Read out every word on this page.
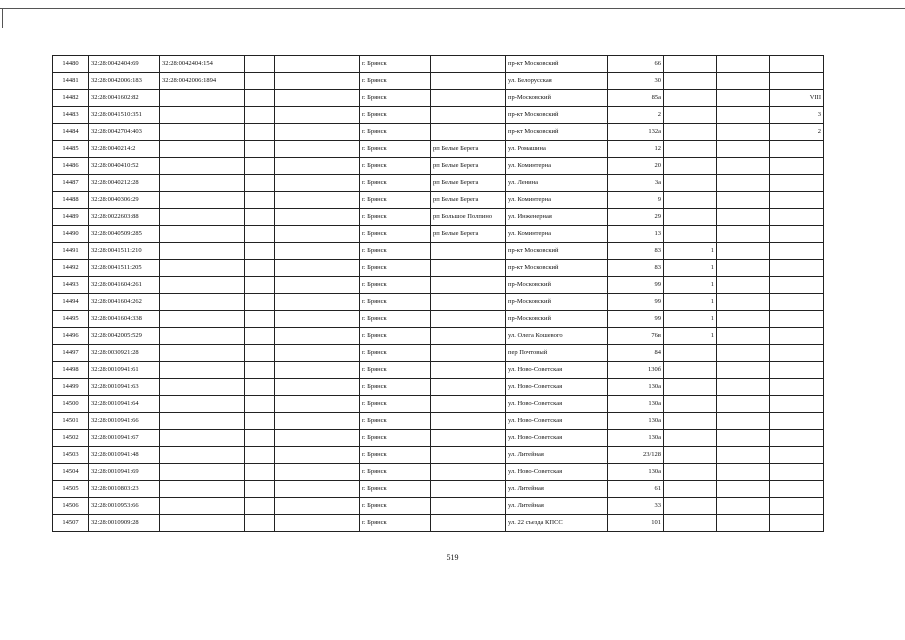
14480	32:28:0042404:69	32:28:0042404:154			г. Брянск		пр-кт Московский	66			
14481	32:28:0042006:183	32:28:0042006:1894			г. Брянск		ул. Белорусская	30			
14482	32:28:0041602:82				г. Брянск		пр-Московский	85а			VIII
14483	32:28:0041510:351				г. Брянск		пр-кт Московский	2			3
14484	32:28:0042704:403				г. Брянск		пр-кт Московский	132а			2
14485	32:28:0040214:2				г. Брянск	рп Белые Берега	ул. Ромашина	12			
14486	32:28:0040410:52				г. Брянск	рп Белые Берега	ул. Коминтерна	20			
14487	32:28:0040212:28				г. Брянск	рп Белые Берега	ул. Ленина	3а			
14488	32:28:0040306:29				г. Брянск	рп Белые Берега	ул. Коминтерна	9			
14489	32:28:0022603:88				г. Брянск	рп Большое Полпино	ул. Инженерная	29			
14490	32:28:0040509:285				г. Брянск	рп Белые Берега	ул. Коминтерна	13			
14491	32:28:0041511:210				г. Брянск		пр-кт Московский	83	1		
14492	32:28:0041511:205				г. Брянск		пр-кт Московский	83	1		
14493	32:28:0041604:261				г. Брянск		пр-Московский	99	1		
14494	32:28:0041604:262				г. Брянск		пр-Московский	99	1		
14495	32:28:0041604:338				г. Брянск		пр-Московский	99	1		
14496	32:28:0042005:529				г. Брянск		ул. Олега Кошевого	76в	1		
14497	32:28:0030921:28				г. Брянск		пер Почтовый	84			
14498	32:28:0010941:61				г. Брянск		ул. Ново-Советская	130б			
14499	32:28:0010941:63				г. Брянск		ул. Ново-Советская	130а			
14500	32:28:0010941:64				г. Брянск		ул. Ново-Советская	130а			
14501	32:28:0010941:66				г. Брянск		ул. Ново-Советская	130а			
14502	32:28:0010941:67				г. Брянск		ул. Ново-Советская	130а			
14503	32:28:0010941:48				г. Брянск		ул. Литейная	23/128			
14504	32:28:0010941:69				г. Брянск		ул. Ново-Советская	130а			
14505	32:28:0010803:23				г. Брянск		ул. Литейная	61			
14506	32:28:0010953:66				г. Брянск		ул. Литейная	33			
14507	32:28:0010909:28				г. Брянск		ул. 22 съезда КПСС	101			
519
